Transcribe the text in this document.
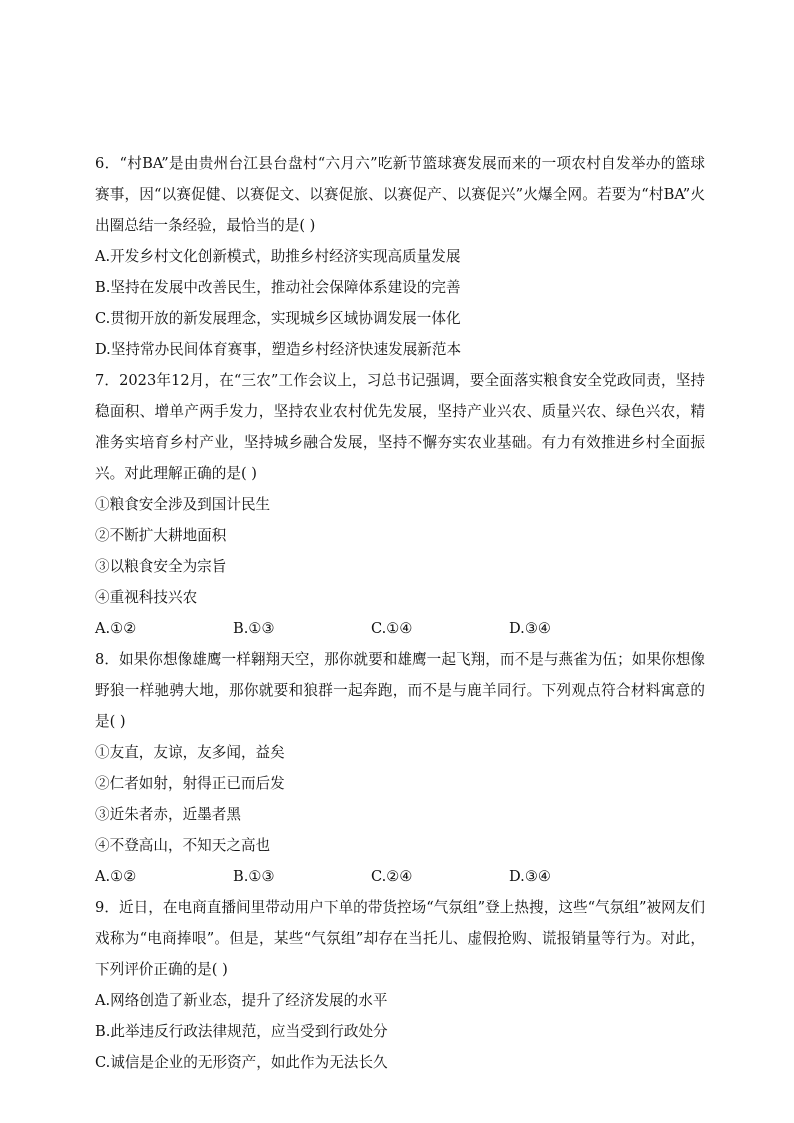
6．“村BA”是由贵州台江县台盘村“六月六”吃新节篮球赛发展而来的一项农村自发举办的篮球赛事，因“以赛促健、以赛促文、以赛促旅、以赛促产、以赛促兴”火爆全网。若要为“村BA”火出圈总结一条经验，最恰当的是( )

A.开发乡村文化创新模式，助推乡村经济实现高质量发展

B.坚持在发展中改善民生，推动社会保障体系建设的完善

C.贯彻开放的新发展理念，实现城乡区域协调发展一体化

D.坚持常办民间体育赛事，塑造乡村经济快速发展新范本

7．2023年12月，在“三农”工作会议上，习总书记强调，要全面落实粮食安全党政同责，坚持稳面积、增单产两手发力，坚持农业农村优先发展，坚持产业兴农、质量兴农、绿色兴农，精准务实培育乡村产业，坚持城乡融合发展，坚持不懈夯实农业基础。有力有效推进乡村全面振兴。对此理解正确的是( )

①粮食安全涉及到国计民生

②不断扩大耕地面积

③以粮食安全为宗旨

④重视科技兴农

A.①②	B.①③	C.①④	D.③④

8．如果你想像雄鹰一样翱翔天空，那你就要和雄鹰一起飞翔，而不是与燕雀为伍；如果你想像野狼一样驰骋大地，那你就要和狼群一起奔跑，而不是与鹿羊同行。下列观点符合材料寓意的是( )

①友直，友谅，友多闻，益矣

②仁者如射，射得正已而后发

③近朱者赤，近墨者黑

④不登高山，不知天之高也

A.①②	B.①③	C.②④	D.③④

9．近日，在电商直播间里带动用户下单的带货控场“气氛组”登上热搜，这些“气氛组”被网友们戏称为“电商捧哏”。但是，某些“气氛组”却存在当托儿、虚假抢购、谎报销量等行为。对此，下列评价正确的是( )

A.网络创造了新业态，提升了经济发展的水平

B.此举违反行政法律规范，应当受到行政处分

C.诚信是企业的无形资产，如此作为无法长久
